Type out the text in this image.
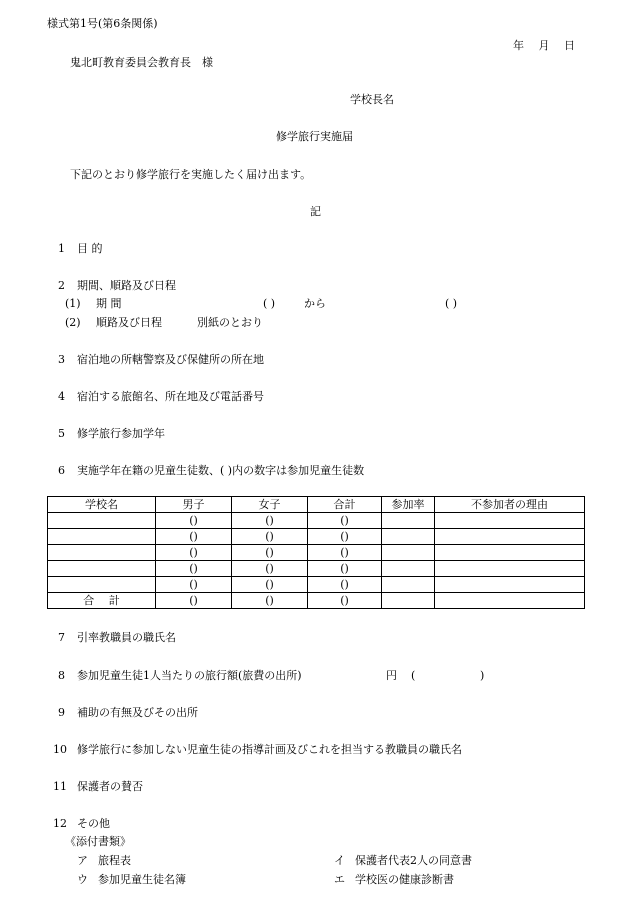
様式第1号(第6条関係)
年　 月　 日
鬼北町教育委員会教育長　様
学校長名
修学旅行実施届
下記のとおり修学旅行を実施したく届け出ます。
記
1 目 的
2 期間、順路及び日程
(1) 期 間	( )	から	( )
(2) 順路及び日程	別紙のとおり
3 宿泊地の所轄警察及び保健所の所在地
4 宿泊する旅館名、所在地及び電話番号
5 修学旅行参加学年
6 実施学年在籍の児童生徒数、( )内の数字は参加児童生徒数
学校名	男子	女子	合計	参加率	不参加者の理由
	()	()	()		
	()	()	()		
	()	()	()		
	()	()	()		
	()	()	()		
合　 計	()	()	()		
7 引率教職員の職氏名
8 参加児童生徒1人当たりの旅行額(旅費の出所)	円 (	)
9 補助の有無及びその出所
10 修学旅行に参加しない児童生徒の指導計画及びこれを担当する教職員の職氏名
11 保護者の賛否
12 その他
《添付書類》
ア 旅程表	イ 保護者代表2人の同意書
ウ 参加児童生徒名簿	エ 学校医の健康診断書
